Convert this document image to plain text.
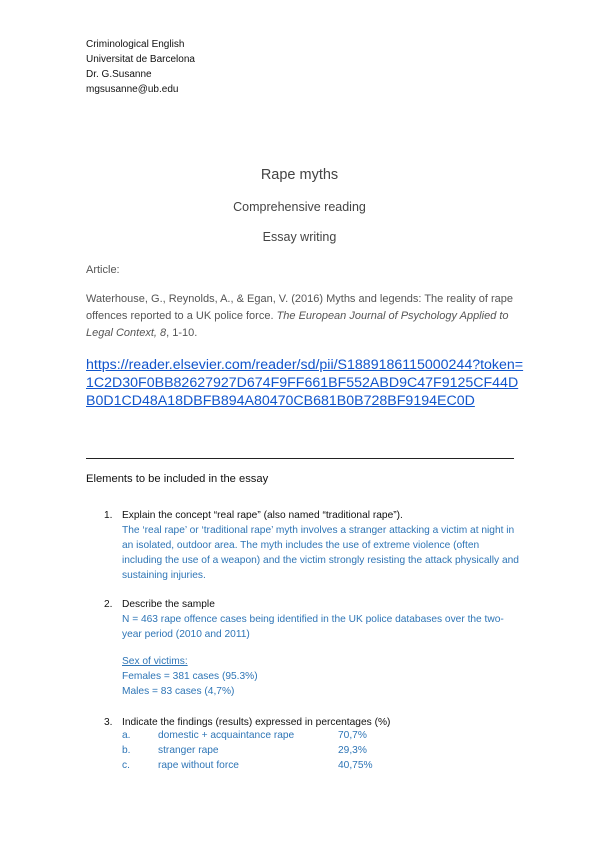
Criminological English
Universitat de Barcelona
Dr. G.Susanne
mgsusanne@ub.edu
Rape myths
Comprehensive reading
Essay writing
Article:
Waterhouse, G., Reynolds, A., & Egan, V. (2016) Myths and legends: The reality of rape offences reported to a UK police force. The European Journal of Psychology Applied to Legal Context, 8, 1-10.
https://reader.elsevier.com/reader/sd/pii/S1889186115000244?token=1C2D30F0BB82627927D674F9FF661BF552ABD9C47F9125CF44DB0D1CD48A18DBFB894A80470CB681B0B728BF9194EC0D
Elements to be included in the essay
1. Explain the concept “real rape” (also named “traditional rape”).
The ‘real rape’ or ‘traditional rape’ myth involves a stranger attacking a victim at night in an isolated, outdoor area. The myth includes the use of extreme violence (often including the use of a weapon) and the victim strongly resisting the attack physically and sustaining injuries.
2. Describe the sample
N = 463 rape offence cases being identified in the UK police databases over the two-year period (2010 and 2011)
Sex of victims:
Females = 381 cases (95.3%)
Males = 83 cases (4,7%)
3. Indicate the findings (results) expressed in percentages (%)
a.	domestic + acquaintance rape	70,7%
b.	stranger rape	29,3%
c.	rape without force	40,75%
